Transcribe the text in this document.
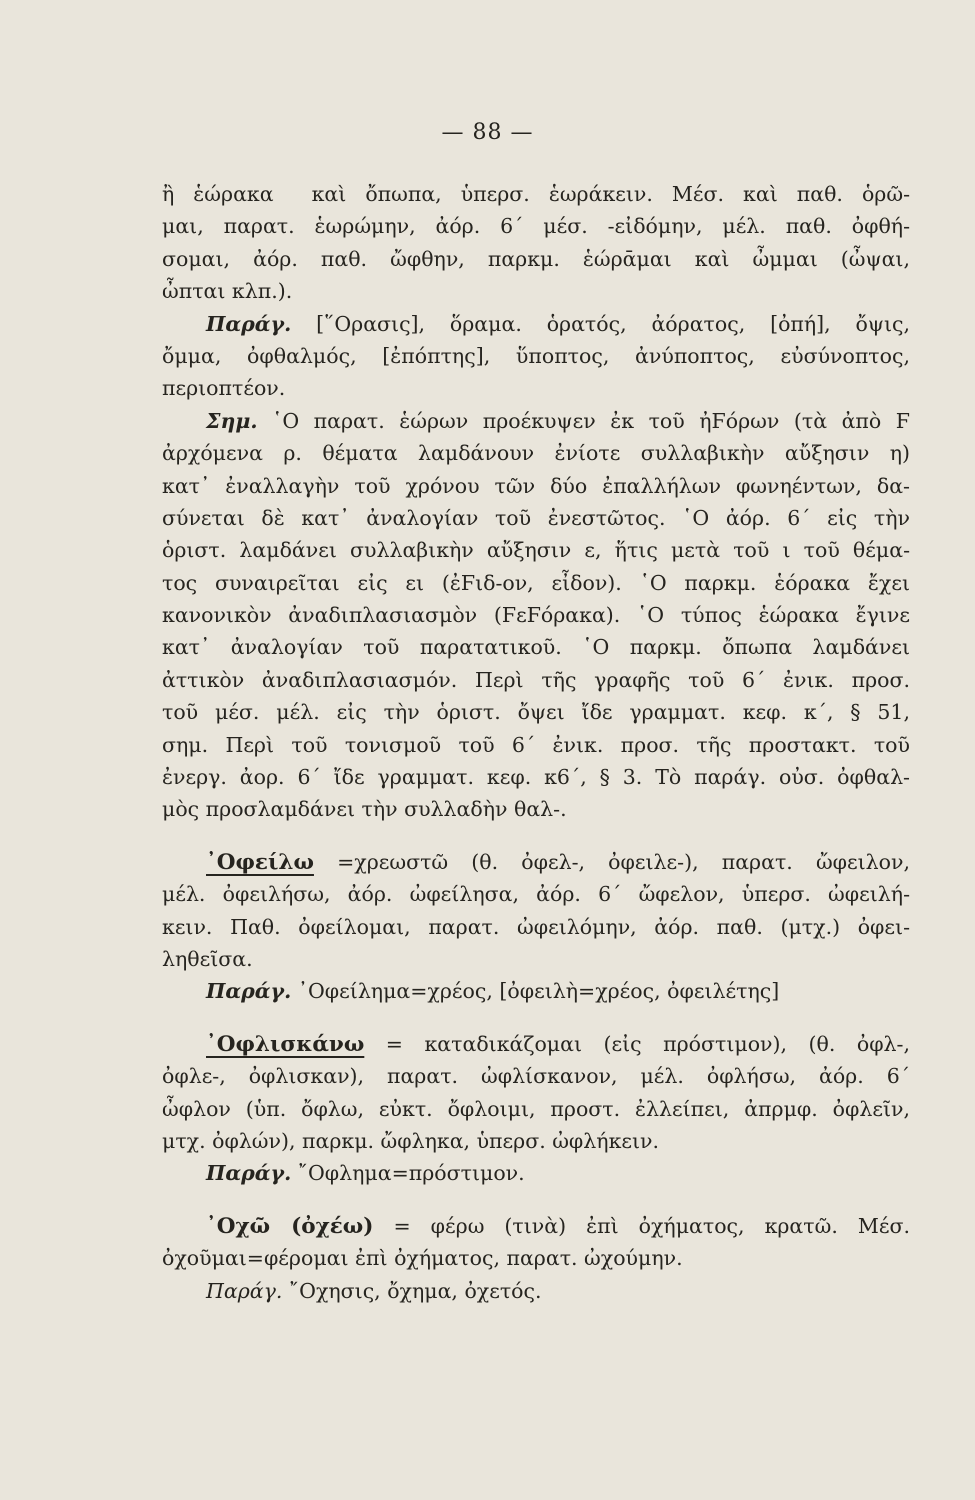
— 88 —
ἢ ἑώρακα  καὶ ὄπωπα, ὑπερσ. ἑωράκειν. Μέσ. καὶ παθ. ὁρῶ-
μαι, παρατ. ἑωρώμην, ἀόρ. 6΄ μέσ. -εἰδόμην, μέλ. παθ. ὀφθή-
σομαι, ἀόρ. παθ. ὤφθην, παρκμ. ἑώρᾱμαι καὶ ὦμμαι (ὦψαι,
ὦπται κλπ.).
Παράγ. [῞Ορασις], ὅραμα. ὁρατός, ἀόρατος, [ὀπή], ὄψις,
ὄμμα, ὀφθαλμός, [ἐπόπτης], ὕποπτος, ἀνύποπτος, εὐσύνοπτος,
περιοπτέον.
Σημ. ῾Ο παρατ. ἑώρων προέκυψεν ἐκ τοῦ ἠϜόρων (τὰ ἀπὸ Ϝ
ἀρχόμενα ρ. θέματα λαμδάνουν ἐνίοτε συλλαβικὴν αὔξησιν η)
κατ᾽ ἐναλλαγὴν τοῦ χρόνου τῶν δύο ἐπαλλήλων φωνηέντων, δα-
σύνεται δὲ κατ᾽ ἀναλογίαν τοῦ ἐνεστῶτος. ῾Ο ἀόρ. 6΄ εἰς τὴν
ὁριστ. λαμδάνει συλλαβικὴν αὔξησιν ε, ἥτις μετὰ τοῦ ι τοῦ θέμα-
τος συναιρεῖται εἰς ει (ἐϜιδ-ον, εἶδον). ῾Ο παρκμ. ἑόρακα ἔχει
κανονικὸν ἀναδιπλασιασμὸν (ϜεϜόρακα). ῾Ο τύπος ἑώρακα ἔγινε
κατ᾽ ἀναλογίαν τοῦ παρατατικοῦ. ῾Ο παρκμ. ὄπωπα λαμδάνει
ἀττικὸν ἀναδιπλασιασμόν. Περὶ τῆς γραφῆς τοῦ 6΄ ἐνικ. προσ.
τοῦ μέσ. μέλ. εἰς τὴν ὁριστ. ὄψει ἴδε γραμματ. κεφ. κ΄, § 51,
σημ. Περὶ τοῦ τονισμοῦ τοῦ 6΄ ἐνικ. προσ. τῆς προστακτ. τοῦ
ἐνεργ. ἀορ. 6΄ ἴδε γραμματ. κεφ. κ6΄, § 3. Τὸ παράγ. οὐσ. ὀφθαλ-
μὸς προσλαμδάνει τὴν συλλαδὴν θαλ-.
᾿Οφείλω =χρεωστῶ (θ. ὀφελ-, ὀφειλε-), παρατ. ὤφειλον,
μέλ. ὀφειλήσω, ἀόρ. ὠφείλησα, ἀόρ. 6΄ ὤφελον, ὑπερσ. ὠφειλή-
κειν. Παθ. ὀφείλομαι, παρατ. ὠφειλόμην, ἀόρ. παθ. (μτχ.) ὀφει-
ληθεῖσα.
Παράγ. ᾿Οφείλημα=χρέος, [ὀφειλὴ=χρέος, ὀφειλέτης]
᾿Οφλισκάνω = καταδικάζομαι (εἰς πρόστιμον), (θ. ὀφλ-,
ὀφλε-, ὀφλισκαν), παρατ. ὠφλίσκανον, μέλ. ὀφλήσω, ἀόρ. 6΄
ὦφλον (ὑπ. ὄφλω, εὐκτ. ὄφλοιμι, προστ. ἐλλείπει, ἀπρμφ. ὀφλεῖν,
μτχ. ὀφλών), παρκμ. ὤφληκα, ὑπερσ. ὠφλήκειν.
Παράγ. ῎Οφλημα=πρόστιμον.
᾿Οχῶ (ὀχέω) = φέρω (τινὰ) ἐπὶ ὀχήματος, κρατῶ. Μέσ.
ὀχοῦμαι=φέρομαι ἐπὶ ὀχήματος, παρατ. ὠχούμην.
Παράγ. ῎Οχησις, ὄχημα, ὀχετός.
